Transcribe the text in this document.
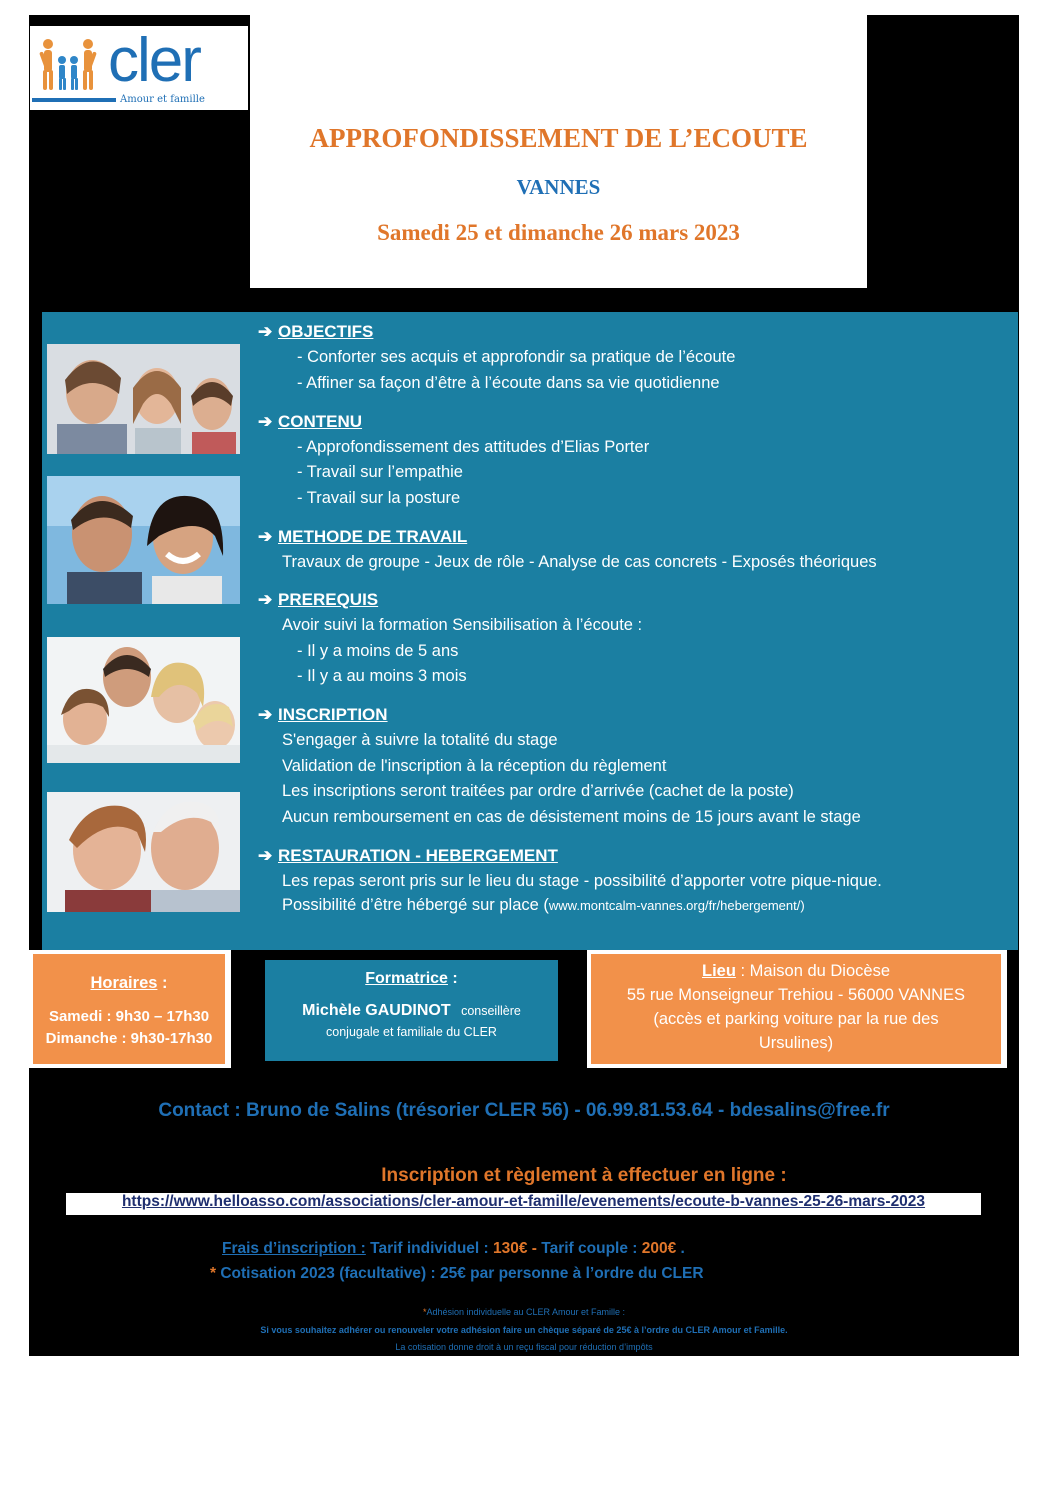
cler
Amour et famille
APPROFONDISSEMENT DE L’ECOUTE
VANNES
Samedi 25 et dimanche 26 mars 2023
➔ OBJECTIFS
- Conforter ses acquis et approfondir sa pratique de l’écoute
- Affiner sa façon d’être à l’écoute dans sa vie quotidienne
➔ CONTENU
- Approfondissement des attitudes d’Elias Porter
- Travail sur l’empathie
- Travail sur la posture
➔ METHODE DE TRAVAIL
Travaux de groupe - Jeux de rôle - Analyse de cas concrets - Exposés théoriques
➔ PREREQUIS
Avoir suivi la formation Sensibilisation à l’écoute :
- Il y a moins de 5 ans
- Il y a au moins 3 mois
➔ INSCRIPTION
S'engager à suivre la totalité du stage
Validation de l'inscription à la réception du règlement
Les inscriptions seront traitées par ordre d’arrivée (cachet de la poste)
Aucun remboursement en cas de désistement moins de 15 jours avant le stage
➔ RESTAURATION - HEBERGEMENT
Les repas seront pris sur le lieu du stage - possibilité d’apporter votre pique-nique.
Possibilité d’être hébergé sur place (www.montcalm-vannes.org/fr/hebergement/)
Horaires :
Samedi : 9h30 – 17h30
Dimanche : 9h30-17h30
Formatrice :
Michèle GAUDINOT conseillère
conjugale et familiale du CLER
Lieu : Maison du Diocèse
55 rue Monseigneur Trehiou - 56000 VANNES
(accès et parking voiture par la rue des
Ursulines)
Contact : Bruno de Salins (trésorier CLER 56) - 06.99.81.53.64 - bdesalins@free.fr
Inscription et règlement à effectuer en ligne :
https://www.helloasso.com/associations/cler-amour-et-famille/evenements/ecoute-b-vannes-25-26-mars-2023
Frais d’inscription : Tarif individuel : 130€ - Tarif couple : 200€ .
* Cotisation 2023 (facultative) : 25€ par personne à l’ordre du CLER
*Adhésion individuelle au CLER Amour et Famille :
Si vous souhaitez adhérer ou renouveler votre adhésion faire un chèque séparé de 25€ à l’ordre du CLER Amour et Famille.
La cotisation donne droit à un reçu fiscal pour réduction d’impôts
